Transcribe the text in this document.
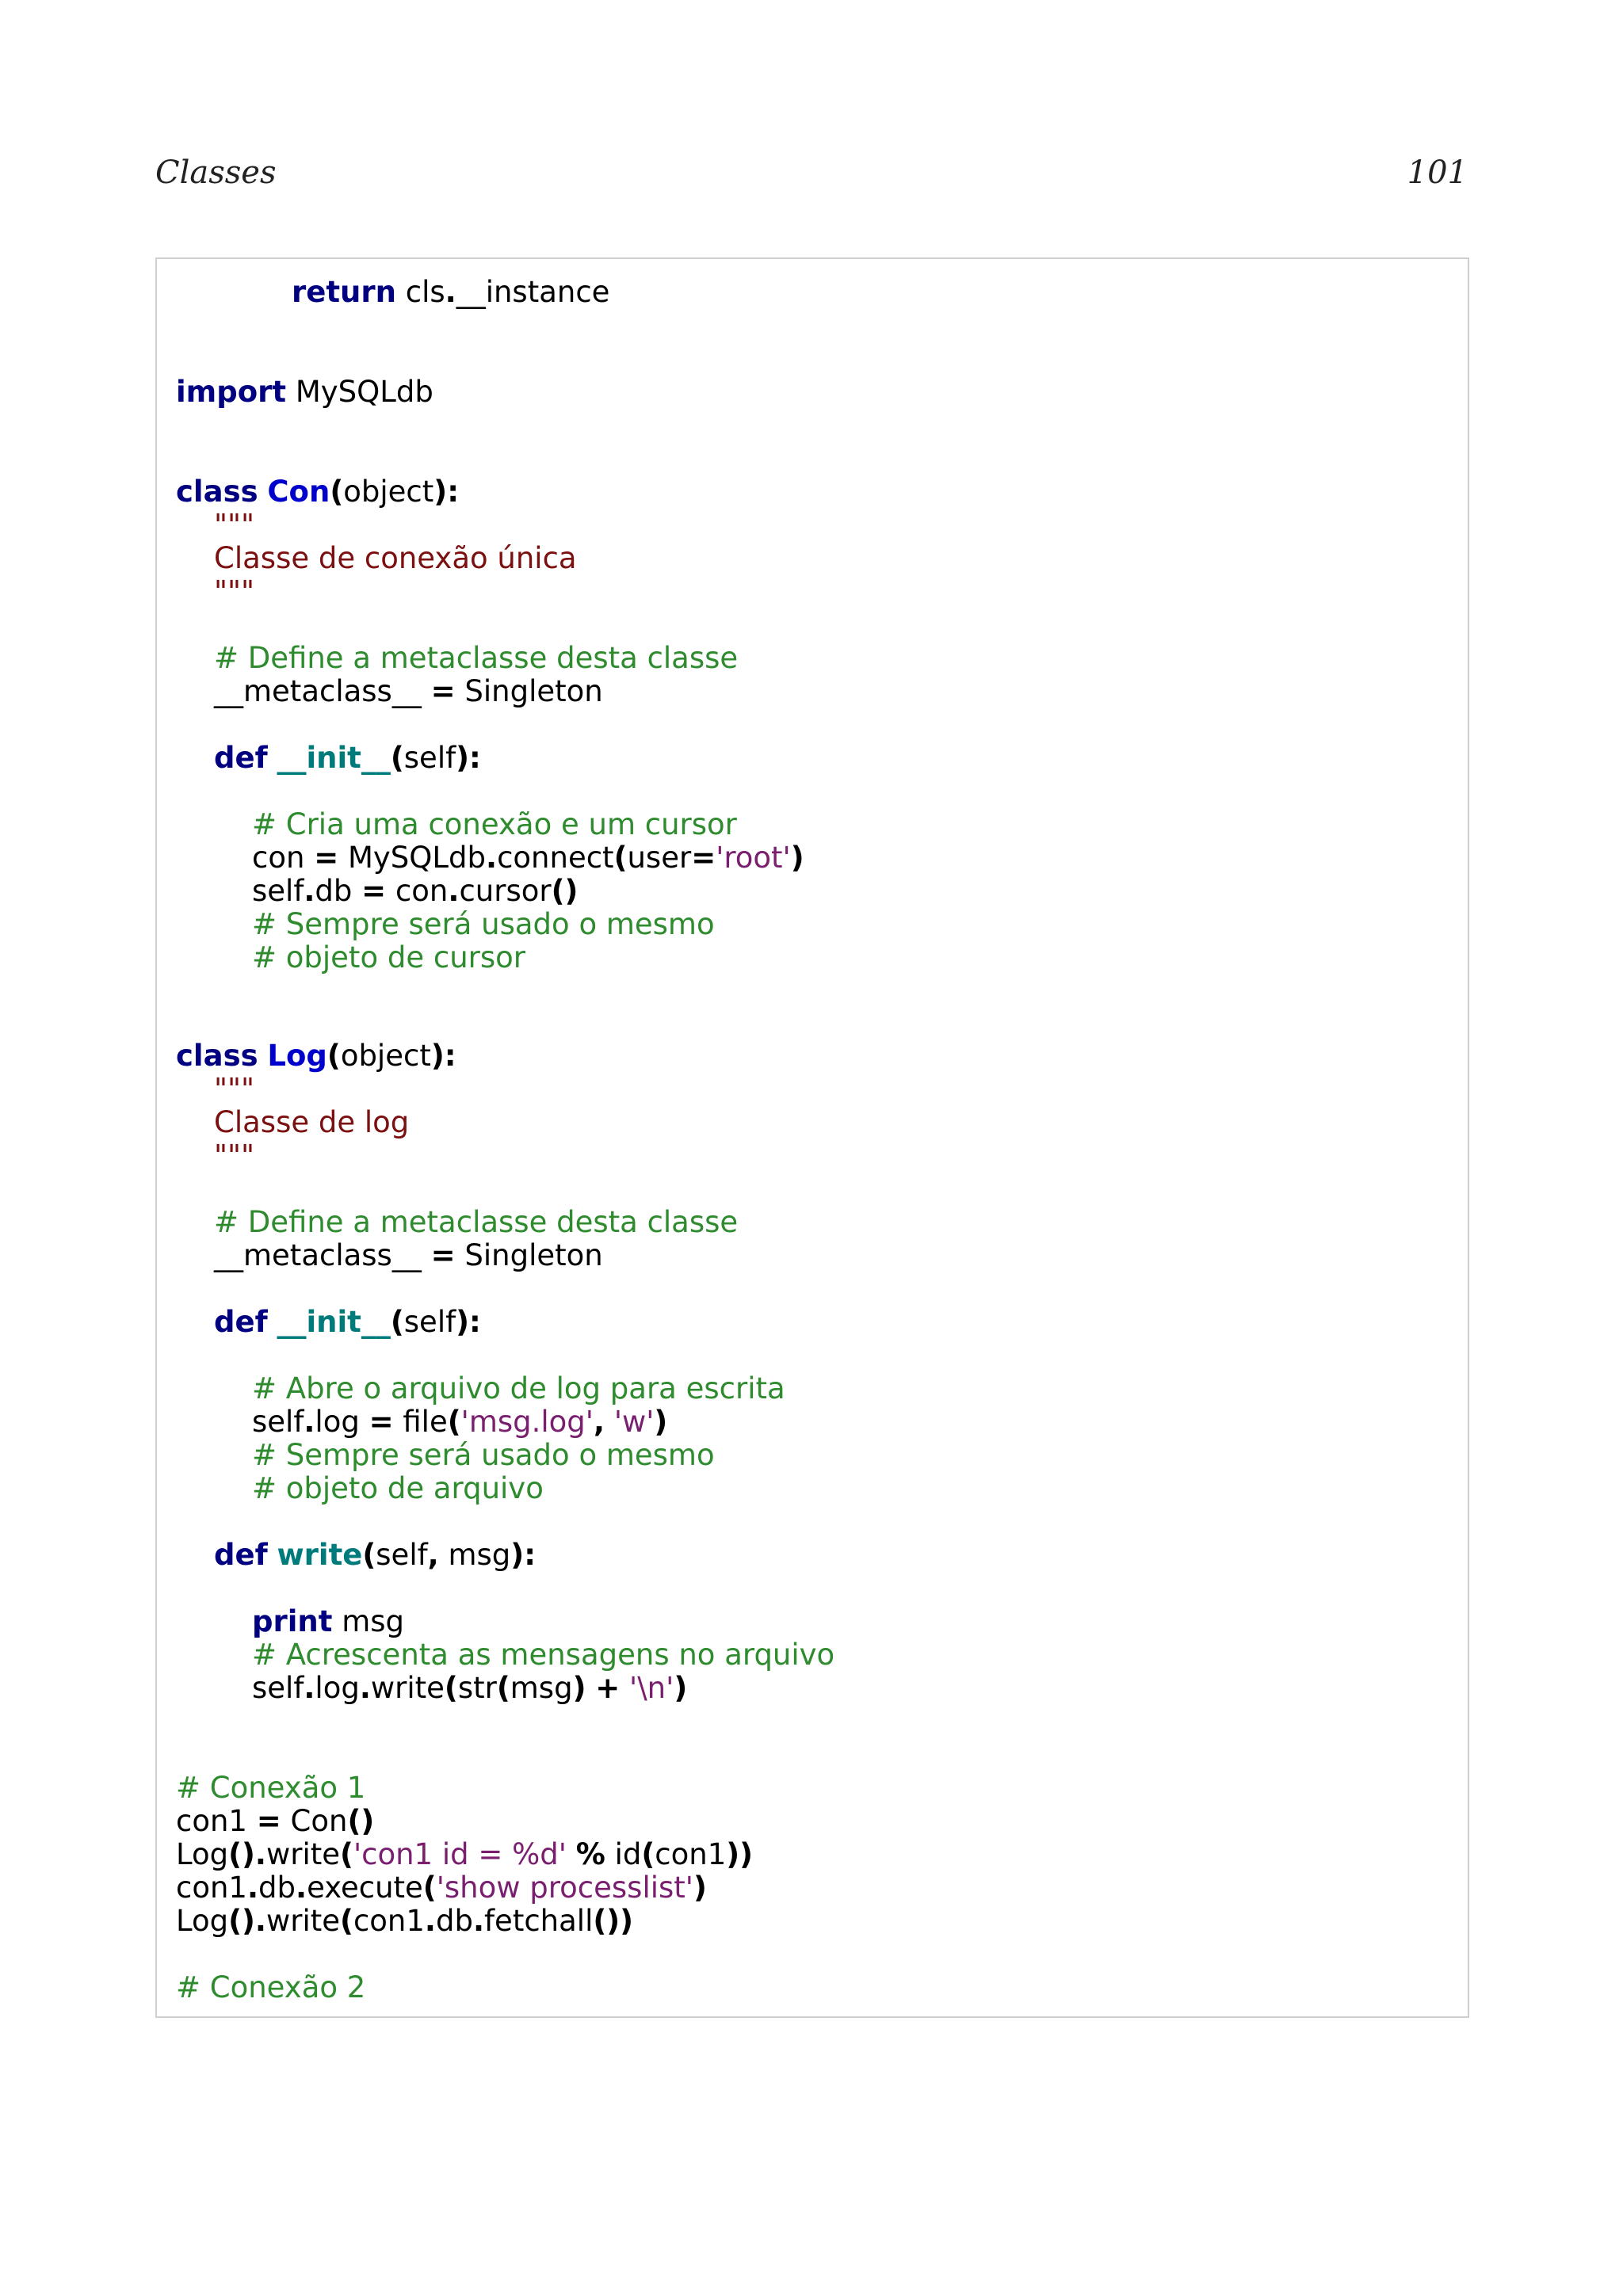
Classes	101
return cls.__instance
import MySQLdb
class Con(object):
"""
Classe de conexão única
"""
# Define a metaclasse desta classe
__metaclass__ = Singleton
def __init__(self):
# Cria uma conexão e um cursor
con = MySQLdb.connect(user='root')
self.db = con.cursor()
# Sempre será usado o mesmo
# objeto de cursor
class Log(object):
"""
Classe de log
"""
# Define a metaclasse desta classe
__metaclass__ = Singleton
def __init__(self):
# Abre o arquivo de log para escrita
self.log = file('msg.log', 'w')
# Sempre será usado o mesmo
# objeto de arquivo
def write(self, msg):
print msg
# Acrescenta as mensagens no arquivo
self.log.write(str(msg) + '\n')
# Conexão 1
con1 = Con()
Log().write('con1 id = %d' % id(con1))
con1.db.execute('show processlist')
Log().write(con1.db.fetchall())
# Conexão 2
